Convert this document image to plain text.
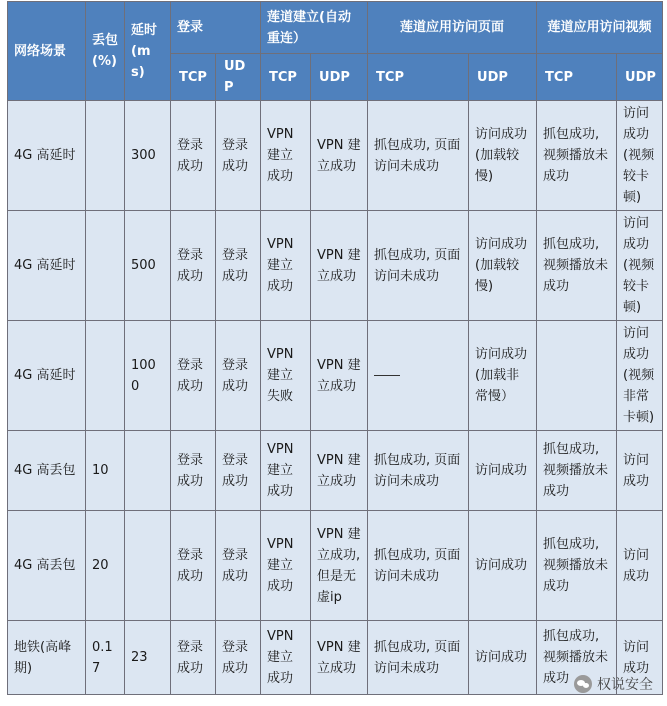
网络场景	丢包(%)	延时(ms)	登录		莲道建立(自动重连）		莲道应用访问页面		莲道应用访问视频	
			TCP	UDP	TCP	UDP	TCP	UDP	TCP	UDP
4G 高延时		300	登录成功	登录成功	VPN建立成功	VPN 建立成功	抓包成功, 页面访问未成功	访问成功(加载较慢)	抓包成功, 视频播放未成功	访问成功(视频较卡顿)
4G 高延时		500	登录成功	登录成功	VPN建立成功	VPN 建立成功	抓包成功, 页面访问未成功	访问成功(加载较慢)	抓包成功, 视频播放未成功	访问成功(视频较卡顿)
4G 高延时		1000	登录成功	登录成功	VPN建立失败	VPN 建立成功		访问成功(加载非常慢）		访问成功(视频非常卡顿)
4G 高丢包	10		登录成功	登录成功	VPN建立成功	VPN 建立成功	抓包成功, 页面访问未成功	访问成功	抓包成功, 视频播放未成功	访问成功
4G 高丢包	20		登录成功	登录成功	VPN建立成功	VPN 建立成功, 但是无虚ip	抓包成功, 页面访问未成功	访问成功	抓包成功, 视频播放未成功	访问成功
地铁(高峰期)	0.17	23	登录成功	登录成功	VPN建立成功	VPN 建立成功	抓包成功, 页面访问未成功	访问成功	抓包成功, 视频播放未成功	访问成功
权说安全
